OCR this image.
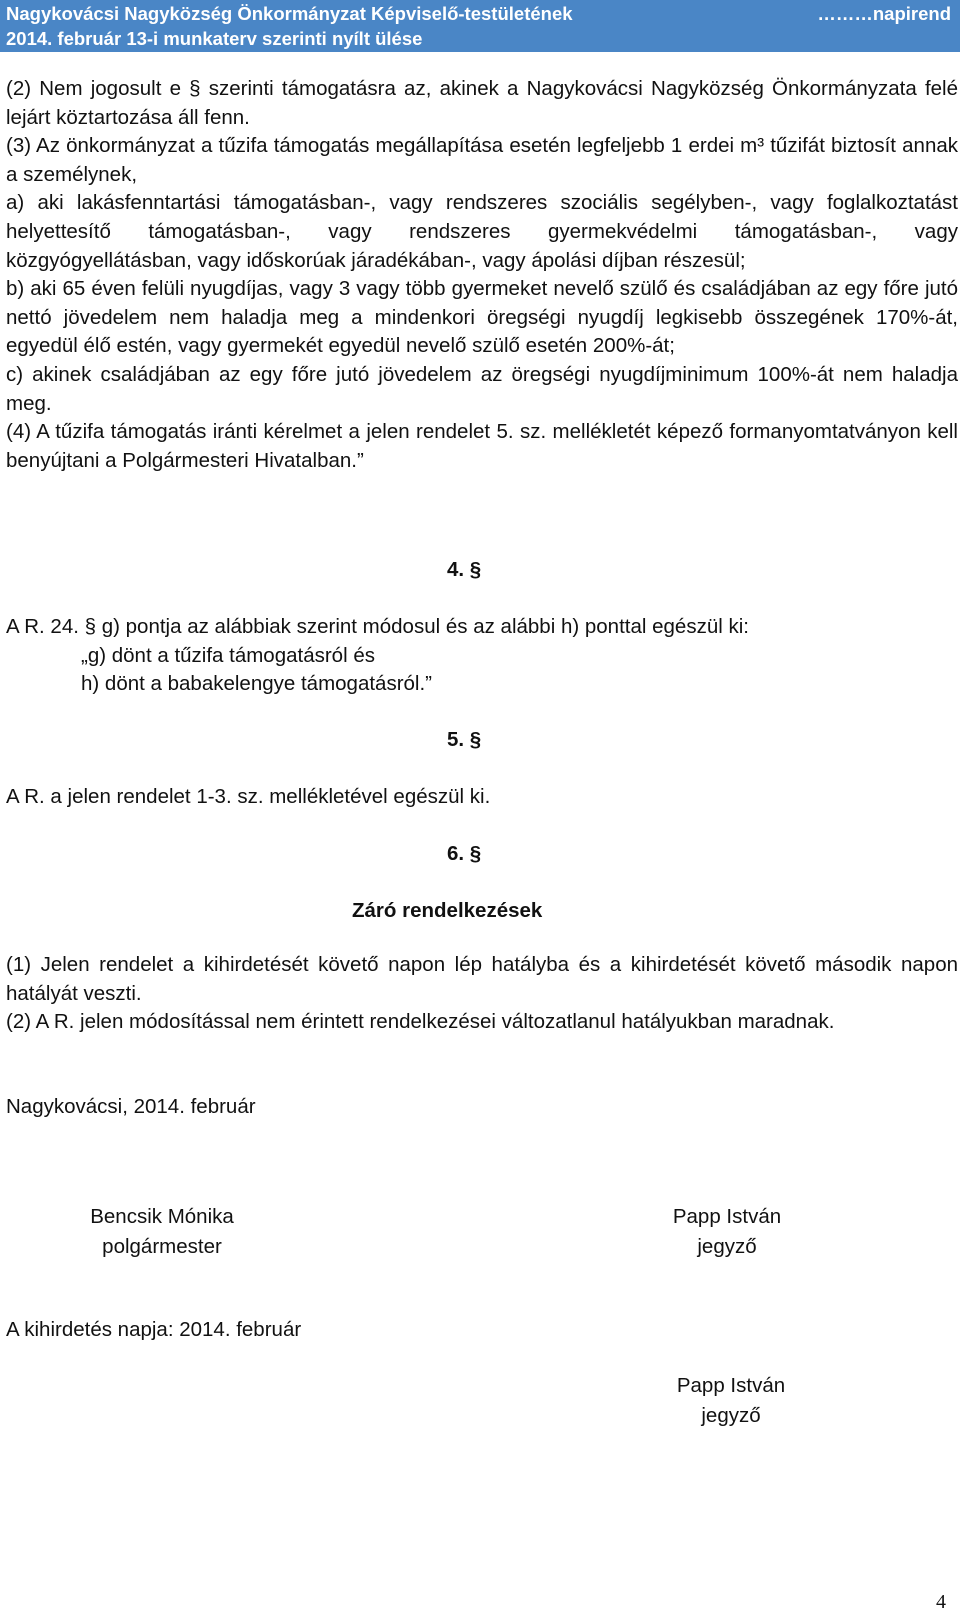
Nagykovácsi Nagyközség Önkormányzat Képviselő-testületének
2014. február 13-i munkaterv szerinti nyílt ülése
………napirend

(2) Nem jogosult e § szerinti támogatásra az, akinek a Nagykovácsi Nagyközség Önkormányzata felé lejárt köztartozása áll fenn.

(3) Az önkormányzat a tűzifa támogatás megállapítása esetén legfeljebb 1 erdei m³ tűzifát biztosít annak a személynek,

a) aki lakásfenntartási támogatásban-, vagy rendszeres szociális segélyben-, vagy foglalkoztatást helyettesítő támogatásban-, vagy rendszeres gyermekvédelmi támogatásban-, vagy közgyógyellátásban, vagy időskorúak járadékában-, vagy ápolási díjban részesül;

b) aki 65 éven felüli nyugdíjas, vagy 3 vagy több gyermeket nevelő szülő és családjában az egy főre jutó nettó jövedelem nem haladja meg a mindenkori öregségi nyugdíj legkisebb összegének 170%-át, egyedül élő estén, vagy gyermekét egyedül nevelő szülő esetén 200%-át;

c) akinek családjában az egy főre jutó jövedelem az öregségi nyugdíjminimum 100%-át nem haladja meg.

(4) A tűzifa támogatás iránti kérelmet a jelen rendelet 5. sz. mellékletét képező formanyomtatványon kell benyújtani a Polgármesteri Hivatalban.”

4. §

A R. 24. § g) pontja az alábbiak szerint módosul és az alábbi h) ponttal egészül ki:

„g) dönt a tűzifa támogatásról és

h) dönt a babakelengye támogatásról.”

5. §

A R. a jelen rendelet 1-3. sz. mellékletével egészül ki.

6. §
Záró rendelkezések

(1) Jelen rendelet a kihirdetését követő napon lép hatályba és a kihirdetését követő második napon hatályát veszti.

(2) A R. jelen módosítással nem érintett rendelkezései változatlanul hatályukban maradnak.

Nagykovácsi, 2014. február

Bencsik Mónika
polgármester
Papp István
jegyző

A kihirdetés napja: 2014. február

Papp István
jegyző
4
